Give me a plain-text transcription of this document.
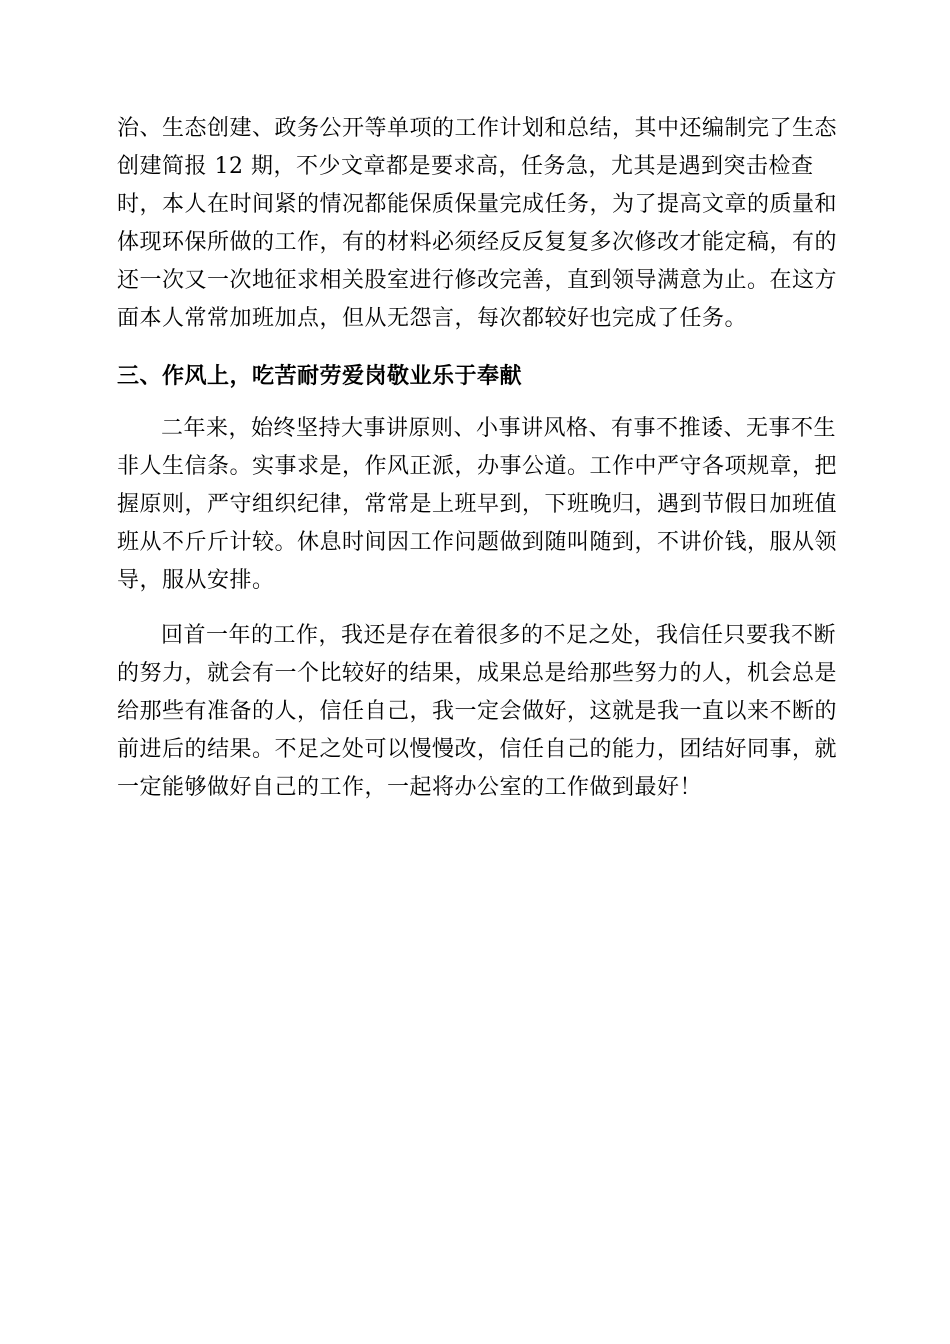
治、生态创建、政务公开等单项的工作计划和总结，其中还编制完了生态
创建简报 12 期，不少文章都是要求高，任务急，尤其是遇到突击检查
时，本人在时间紧的情况都能保质保量完成任务，为了提高文章的质量和
体现环保所做的工作，有的材料必须经反反复复多次修改才能定稿，有的
还一次又一次地征求相关股室进行修改完善，直到领导满意为止。在这方
面本人常常加班加点，但从无怨言，每次都较好也完成了任务。
三、作风上，吃苦耐劳爱岗敬业乐于奉献
二年来，始终坚持大事讲原则、小事讲风格、有事不推诿、无事不生
非人生信条。实事求是，作风正派，办事公道。工作中严守各项规章，把
握原则，严守组织纪律，常常是上班早到，下班晚归，遇到节假日加班值
班从不斤斤计较。休息时间因工作问题做到随叫随到，不讲价钱，服从领
导，服从安排。
回首一年的工作，我还是存在着很多的不足之处，我信任只要我不断
的努力，就会有一个比较好的结果，成果总是给那些努力的人，机会总是
给那些有准备的人，信任自己，我一定会做好，这就是我一直以来不断的
前进后的结果。不足之处可以慢慢改，信任自己的能力，团结好同事，就
一定能够做好自己的工作，一起将办公室的工作做到最好！
